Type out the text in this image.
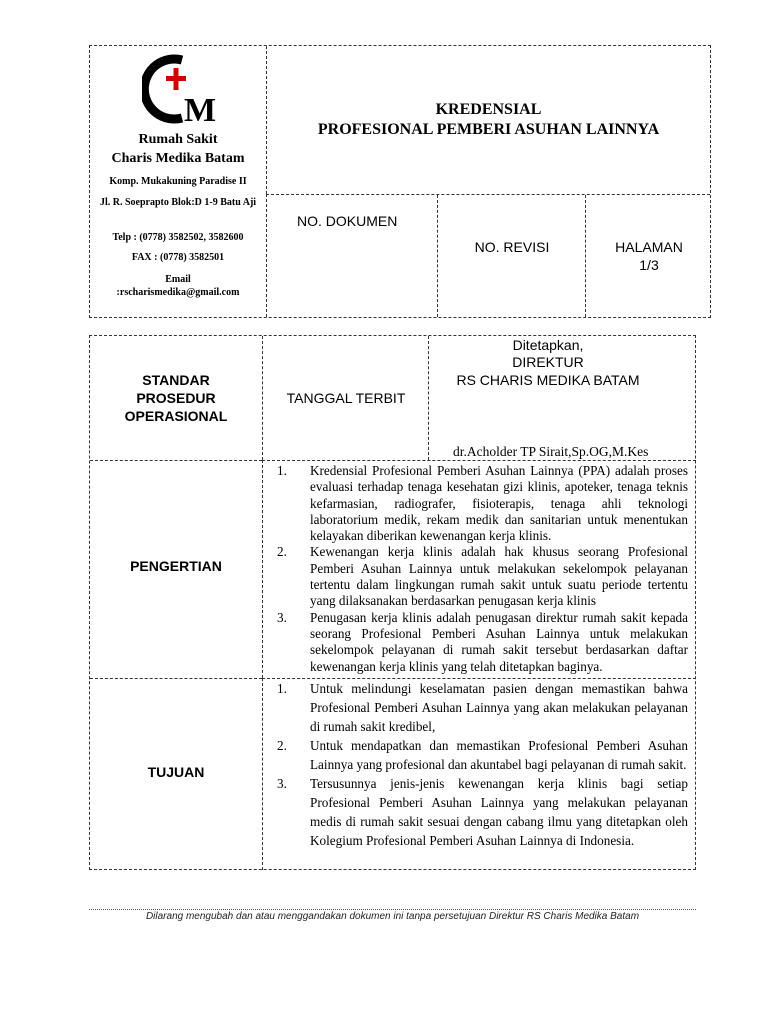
M
Rumah Sakit
Charis Medika Batam
Komp. Mukakuning Paradise II
Jl. R. Soeprapto Blok:D 1-9 Batu Aji
Telp : (0778) 3582502, 3582600
FAX : (0778) 3582501
Email
:rscharismedika@gmail.com
KREDENSIAL
PROFESIONAL PEMBERI ASUHAN LAINNYA
NO. DOKUMEN
NO. REVISI	HALAMAN
1/3
STANDAR
PROSEDUR
OPERASIONAL
TANGGAL TERBIT
Ditetapkan,
DIREKTUR
RS CHARIS MEDIKA BATAM
dr.Acholder TP Sirait,Sp.OG,M.Kes
PENGERTIAN
1. Kredensial Profesional Pemberi Asuhan Lainnya (PPA) adalah proses evaluasi terhadap tenaga kesehatan gizi klinis, apoteker, tenaga teknis kefarmasian, radiografer, fisioterapis, tenaga ahli teknologi laboratorium medik, rekam medik dan sanitarian untuk menentukan kelayakan diberikan kewenangan kerja klinis.
2. Kewenangan kerja klinis adalah hak khusus seorang Profesional Pemberi Asuhan Lainnya untuk melakukan sekelompok pelayanan tertentu dalam lingkungan rumah sakit untuk suatu periode tertentu yang dilaksanakan berdasarkan penugasan kerja klinis
3. Penugasan kerja klinis adalah penugasan direktur rumah sakit kepada seorang Profesional Pemberi Asuhan Lainnya untuk melakukan sekelompok pelayanan di rumah sakit tersebut berdasarkan daftar kewenangan kerja klinis yang telah ditetapkan baginya.
TUJUAN
1. Untuk melindungi keselamatan pasien dengan memastikan bahwa Profesional Pemberi Asuhan Lainnya yang akan melakukan pelayanan di rumah sakit kredibel,
2. Untuk mendapatkan dan memastikan Profesional Pemberi Asuhan Lainnya yang profesional dan akuntabel bagi pelayanan di rumah sakit.
3. Tersusunnya jenis-jenis kewenangan kerja klinis bagi setiap Profesional Pemberi Asuhan Lainnya yang melakukan pelayanan medis di rumah sakit sesuai dengan cabang ilmu yang ditetapkan oleh Kolegium Profesional Pemberi Asuhan Lainnya di Indonesia.
Dilarang mengubah dan atau menggandakan dokumen ini tanpa persetujuan Direktur RS Charis Medika Batam
